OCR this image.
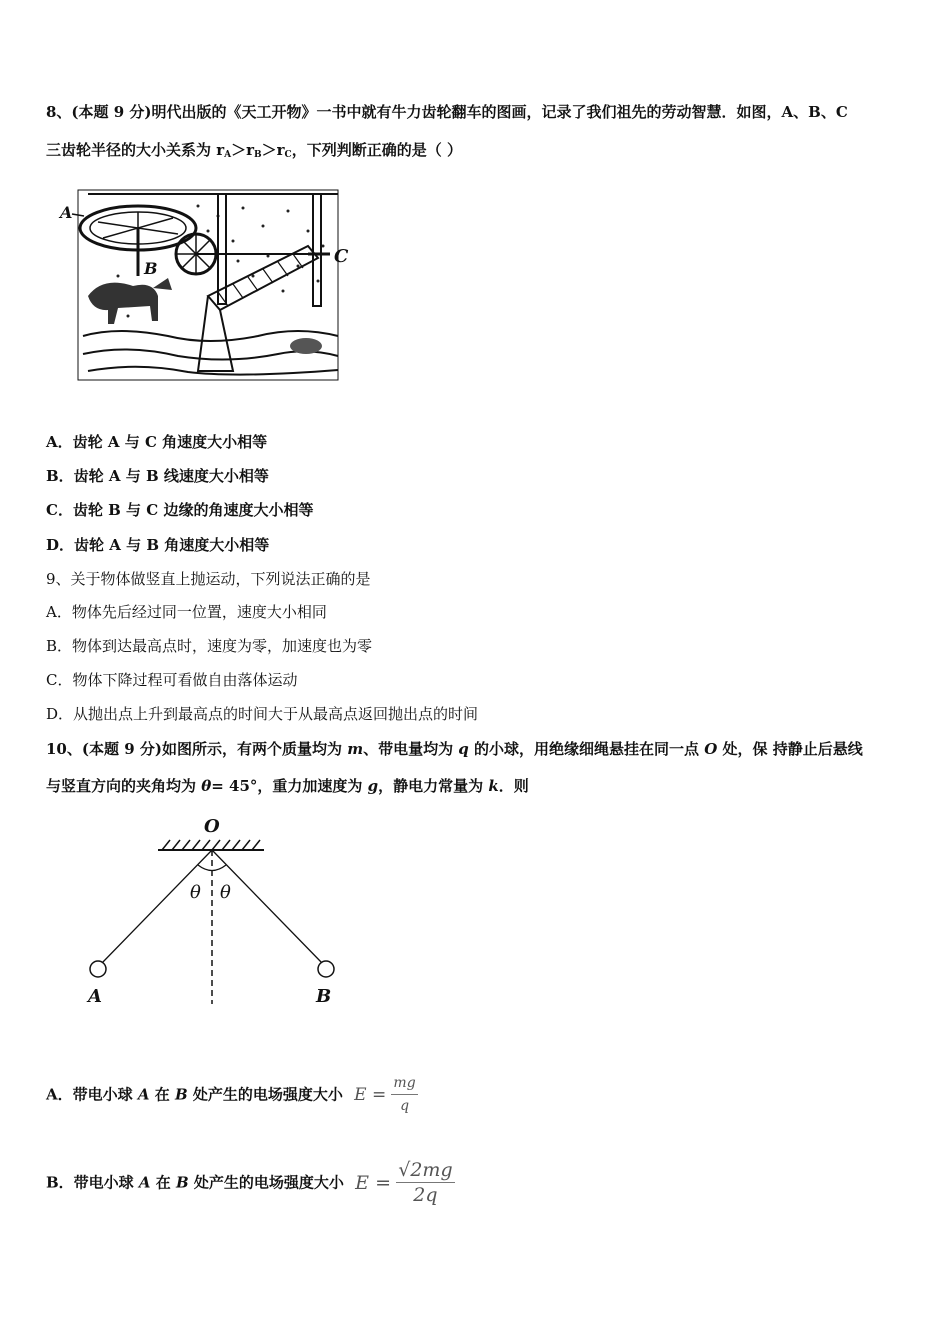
8、(本题 9 分)明代出版的《天工开物》一书中就有牛力齿轮翻车的图画，记录了我们祖先的劳动智慧．如图，A、B、C
三齿轮半径的大小关系为 $r_A>r_B>r_C$，下列判断正确的是（ ）
A
B
C
A．齿轮 A 与 C 角速度大小相等
B．齿轮 A 与 B 线速度大小相等
C．齿轮 B 与 C 边缘的角速度大小相等
D．齿轮 A 与 B 角速度大小相等
9、关于物体做竖直上抛运动，下列说法正确的是
A．物体先后经过同一位置，速度大小相同
B．物体到达最高点时，速度为零，加速度也为零
C．物体下降过程可看做自由落体运动
D．从抛出点上升到最高点的时间大于从最高点返回抛出点的时间
10、(本题 9 分)如图所示，有两个质量均为 m、带电量均为 q 的小球，用绝缘细绳悬挂在同一点 O 处，保 持静止后悬线
与竖直方向的夹角均为 θ= 45°，重力加速度为 g，静电力常量为 k．则
O
θ θ
A	B
A．带电小球 A 在 B 处产生的电场强度大小 $E = \frac{mg}{q}$
B．带电小球 A 在 B 处产生的电场强度大小 $E = \frac{√2mg}{2q}$
